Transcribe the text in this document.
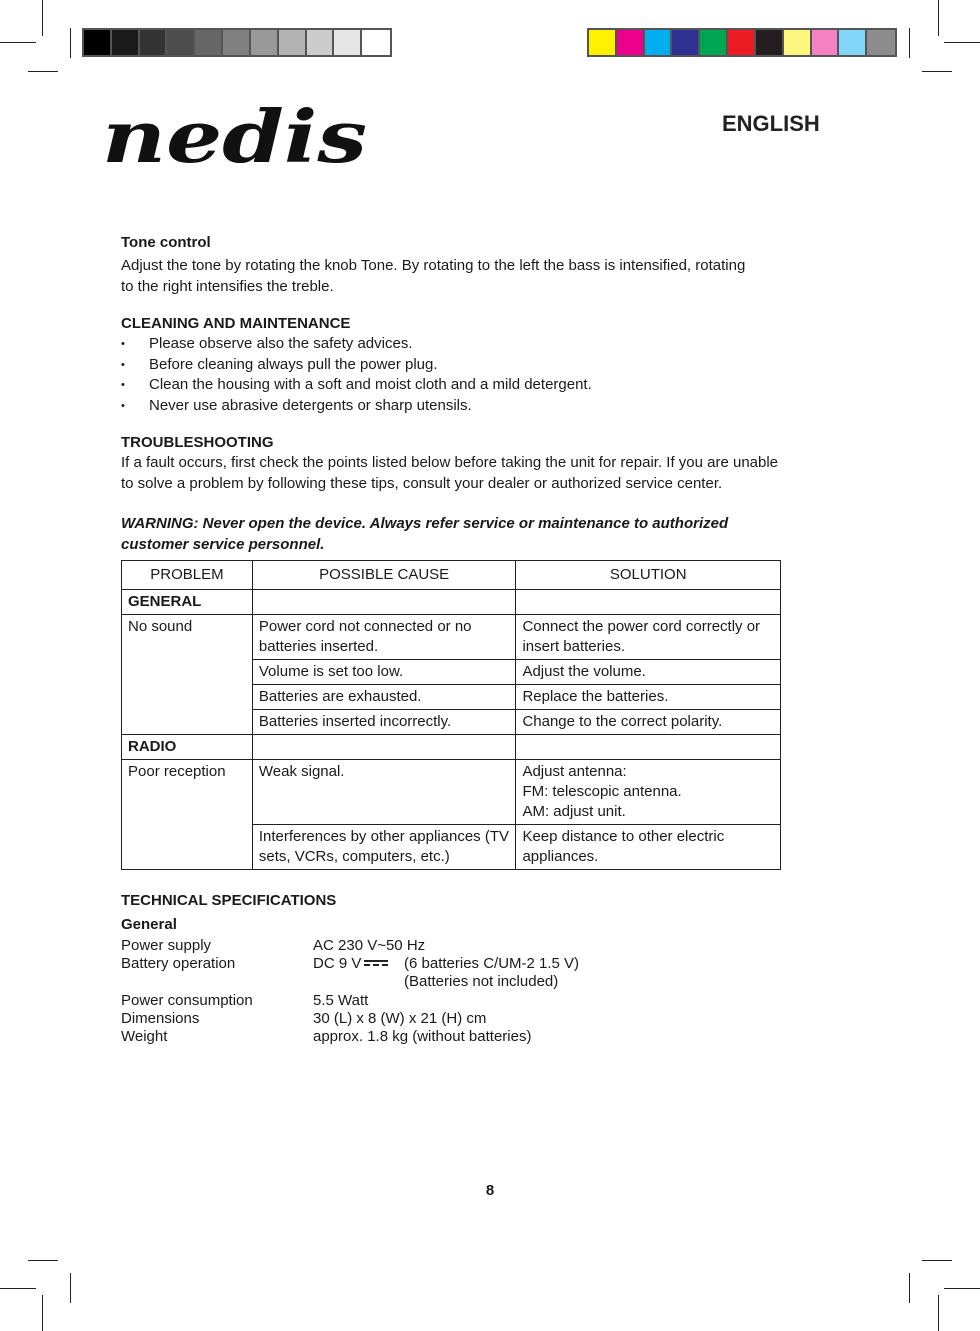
nedis	ENGLISH
Tone control
Adjust the tone by rotating the knob Tone. By rotating to the left the bass is intensified, rotating to the right intensifies the treble.
CLEANING AND MAINTENANCE
• Please observe also the safety advices.
• Before cleaning always pull the power plug.
• Clean the housing with a soft and moist cloth and a mild detergent.
• Never use abrasive detergents or sharp utensils.
TROUBLESHOOTING
If a fault occurs, first check the points listed below before taking the unit for repair. If you are unable to solve a problem by following these tips, consult your dealer or authorized service center.
WARNING: Never open the device. Always refer service or maintenance to authorized customer service personnel.
PROBLEM	POSSIBLE CAUSE	SOLUTION
GENERAL		
No sound	Power cord not connected or no batteries inserted.	Connect the power cord correctly or insert batteries.
	Volume is set too low.	Adjust the volume.
	Batteries are exhausted.	Replace the batteries.
	Batteries inserted incorrectly.	Change to the correct polarity.
RADIO		
Poor reception	Weak signal.	Adjust antenna:
FM: telescopic antenna.
AM: adjust unit.

	Interferences by other appliances (TV sets, VCRs, computers, etc.)	Keep distance to other electric appliances.
TECHNICAL SPECIFICATIONS
General
Power supply	AC 230 V~50 Hz
Battery operation	DC 9 V	(6 batteries C/UM-2 1.5 V)
(Batteries not included)
Power consumption	5.5 Watt
Dimensions	30 (L) x 8 (W) x 21 (H) cm
Weight	approx. 1.8 kg (without batteries)
8
